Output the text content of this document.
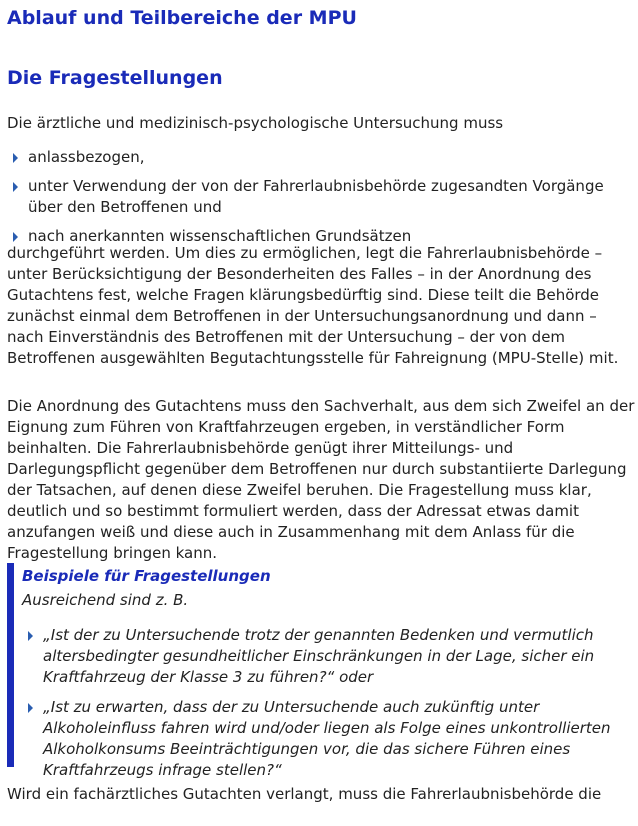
Ablauf und Teilbereiche der MPU
Die Fragestellungen
Die ärztliche und medizinisch-psychologische Untersuchung muss
anlassbezogen,
unter Verwendung der von der Fahrerlaubnisbehörde zugesandten Vorgänge über den Betroffenen und
nach anerkannten wissenschaftlichen Grundsätzen

durchgeführt werden. Um dies zu ermöglichen, legt die Fahrerlaubnisbehörde – unter Berücksichtigung der Besonderheiten des Falles – in der Anordnung des Gutachtens fest, welche Fragen klärungsbedürftig sind. Diese teilt die Behörde zunächst einmal dem Betroffenen in der Untersuchungsanordnung und dann – nach Einverständnis des Betroffenen mit der Untersuchung – der von dem Betroffenen ausgewählten Begutachtungsstelle für Fahreignung (MPU-Stelle) mit.

Die Anordnung des Gutachtens muss den Sachverhalt, aus dem sich Zweifel an der Eignung zum Führen von Kraftfahrzeugen ergeben, in verständlicher Form beinhalten. Die Fahrerlaubnisbehörde genügt ihrer Mitteilungs- und Darlegungspflicht gegenüber dem Betroffenen nur durch substantiierte Darlegung der Tatsachen, auf denen diese Zweifel beruhen. Die Fragestellung muss klar, deutlich und so bestimmt formuliert werden, dass der Adressat etwas damit anzufangen weiß und diese auch in Zusammenhang mit dem Anlass für die Fragestellung bringen kann.

Beispiele für Fragestellungen
Ausreichend sind z. B.
„Ist der zu Untersuchende trotz der genannten Bedenken und vermutlich altersbedingter gesundheitlicher Einschränkungen in der Lage, sicher ein Kraftfahrzeug der Klasse 3 zu führen?“ oder
„Ist zu erwarten, dass der zu Untersuchende auch zukünftig unter Alkoholeinfluss fahren wird und/oder liegen als Folge eines unkontrollierten Alkoholkonsums Beeinträchtigungen vor, die das sichere Führen eines Kraftfahrzeugs infrage stellen?“

Wird ein fachärztliches Gutachten verlangt, muss die Fahrerlaubnisbehörde die
